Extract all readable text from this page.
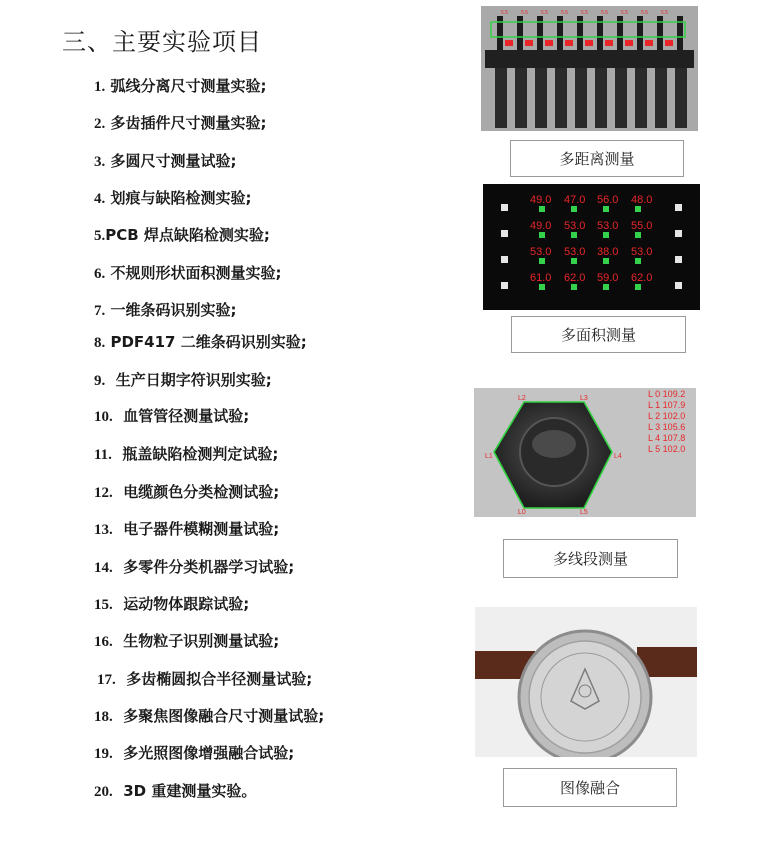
三、主要实验项目
1. 弧线分离尺寸测量实验;
2. 多齿插件尺寸测量实验;
3. 多圆尺寸测量试验;
4. 划痕与缺陷检测实验;
5.PCB 焊点缺陷检测实验;
6. 不规则形状面积测量实验;
7. 一维条码识别实验;
8. PDF417 二维条码识别实验;
9. 生产日期字符识别实验;
10. 血管管径测量试验;
11. 瓶盖缺陷检测判定试验;
12. 电缆颜色分类检测试验;
13. 电子器件模糊测量试验;
14. 多零件分类机器学习试验;
15. 运动物体跟踪试验;
16. 生物粒子识别测量试验;
17. 多齿椭圆拟合半径测量试验;
18. 多聚焦图像融合尺寸测量试验;
19. 多光照图像增强融合试验;
20. 3D 重建测量实验。
5.5	5.5	5.5	5.5	5.5	5.5	5.5	5.5	5.5
多距离测量
49.0 47.0 56.0 48.0
49.0 53.0 53.0 55.0
53.0 53.0 38.0 53.0
61.0 62.0 59.0 62.0
多面积测量
L2	L3
L1	L4
L0	L5
L 0 109.2
L 1 107.9
L 2 102.0
L 3 105.6
L 4 107.8
L 5 102.0
多线段测量
图像融合
